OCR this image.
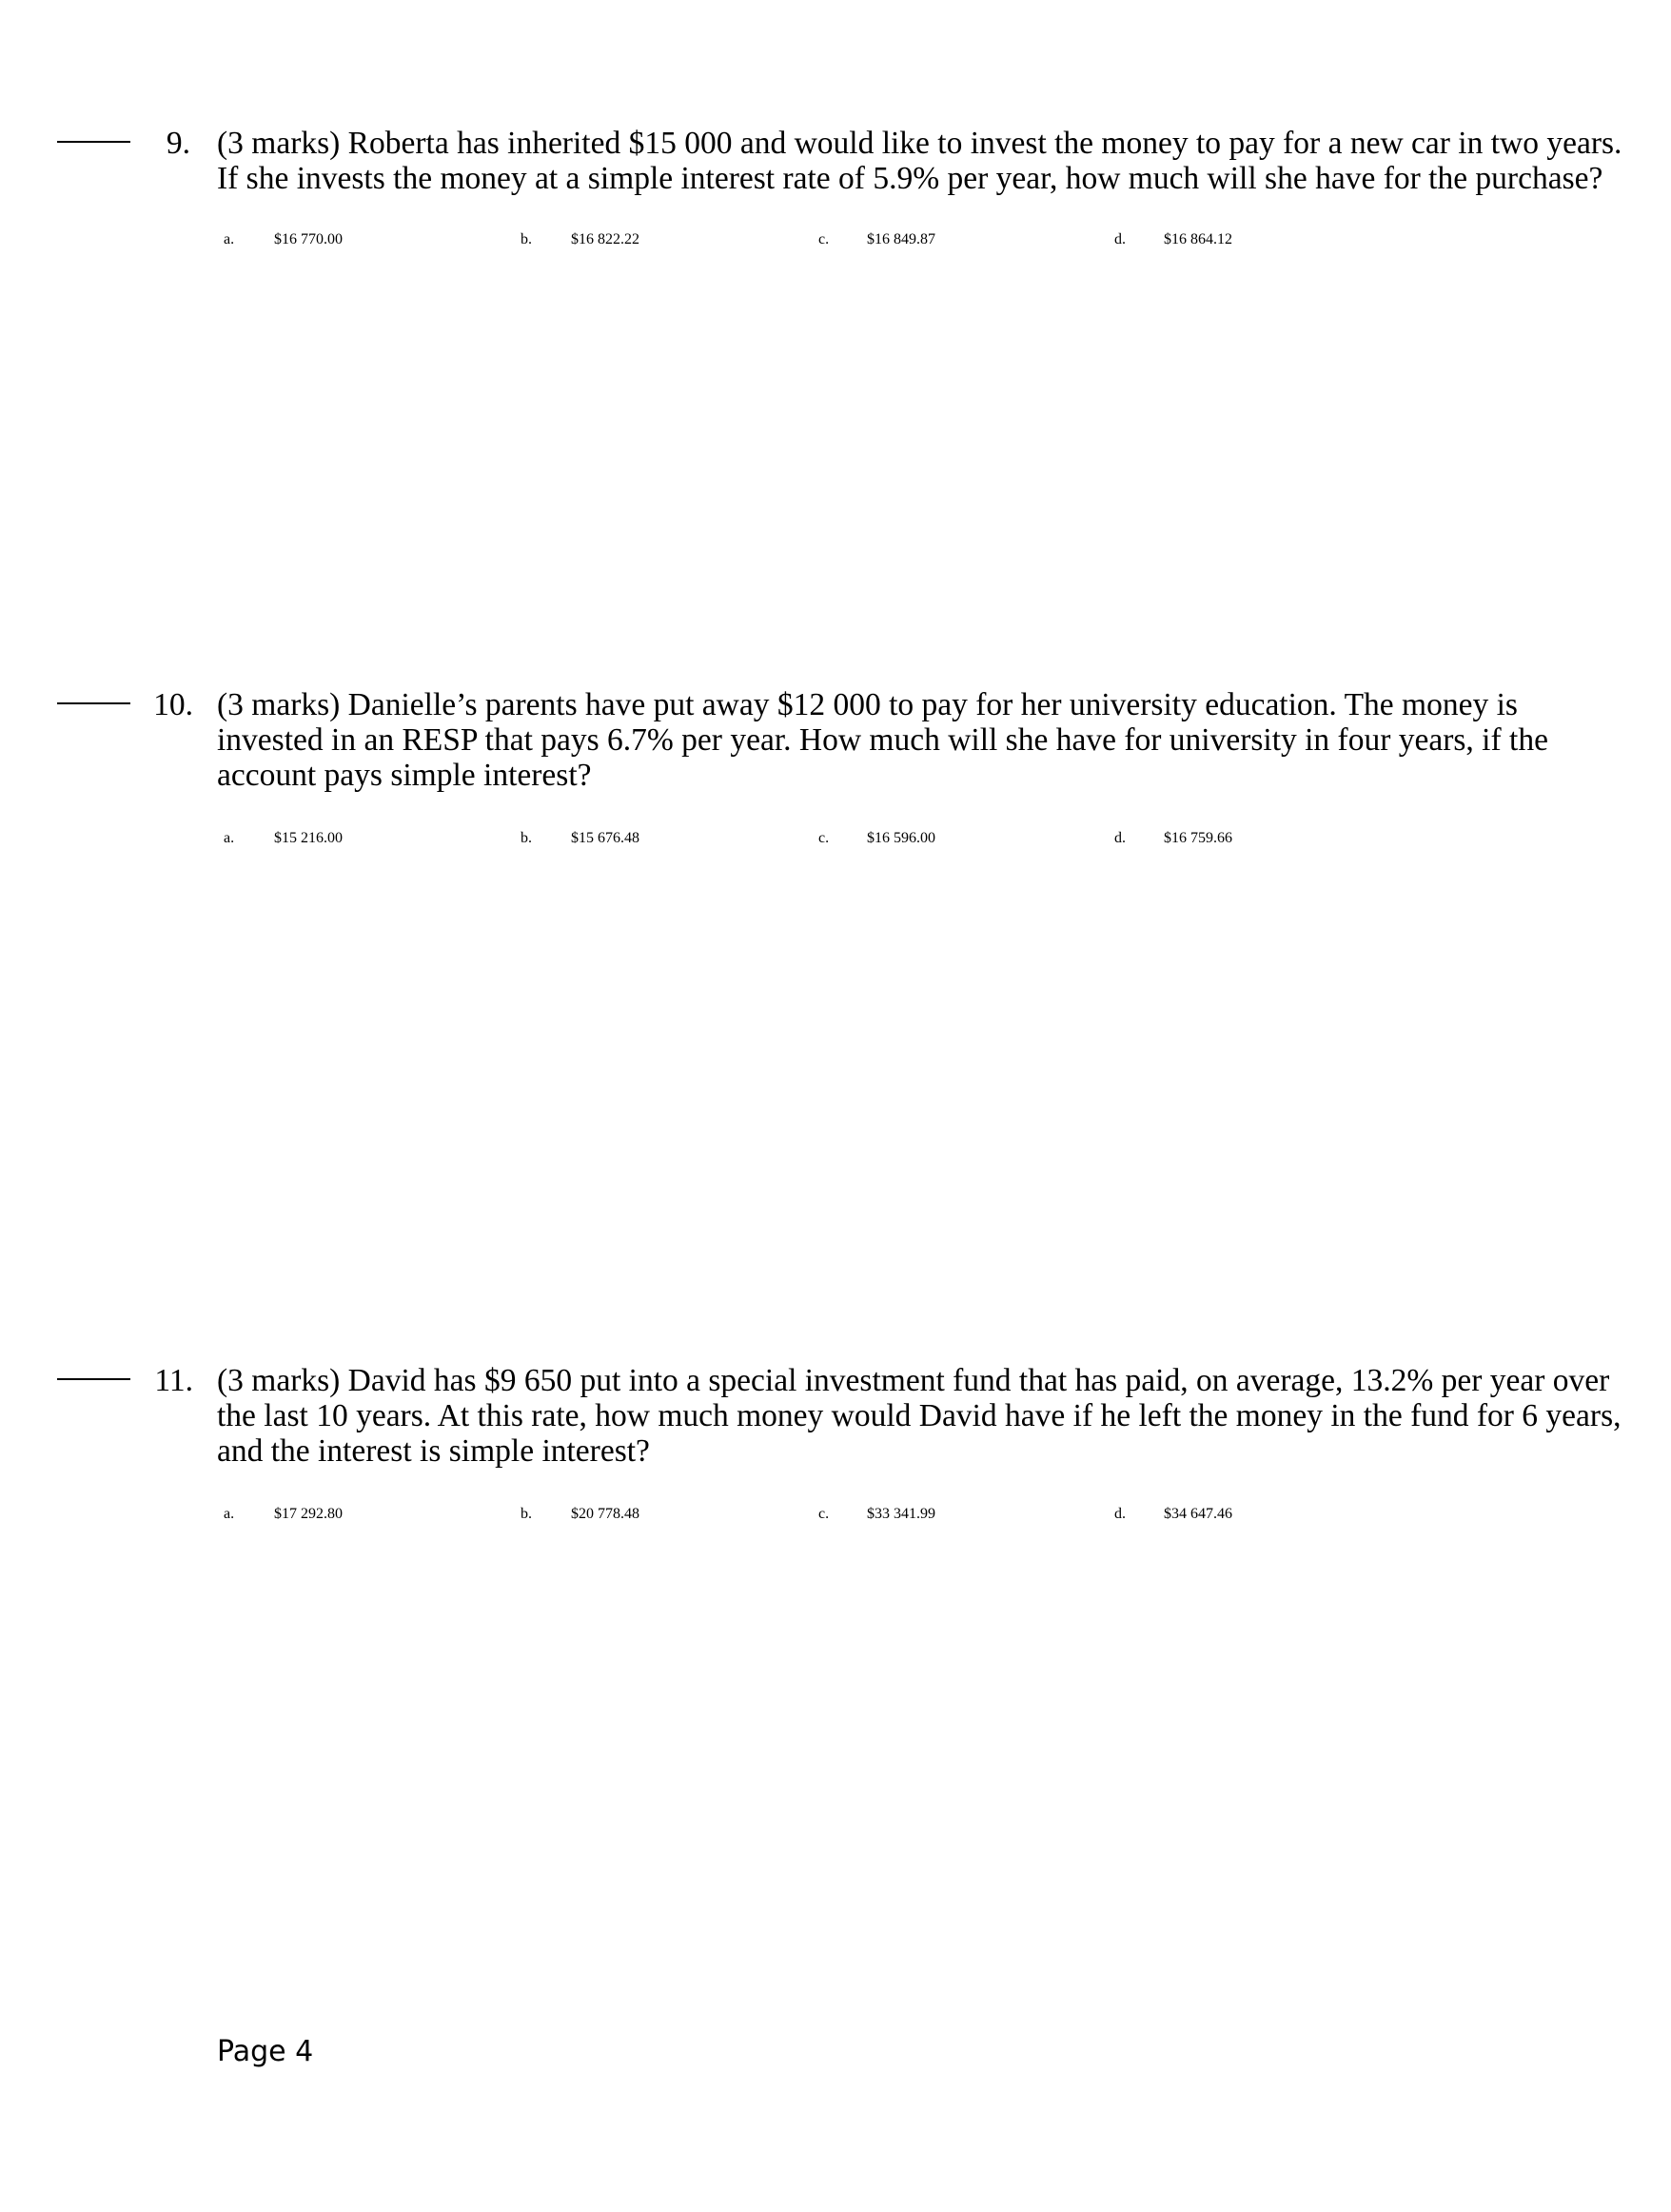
9. (3 marks) Roberta has inherited $15 000 and would like to invest the money to pay for a new car in two years.
If she invests the money at a simple interest rate of 5.9% per year, how much will she have for the purchase?
a.	$16 770.00	b.	$16 822.22	c. $16 849.87	d.	$16 864.12
10. (3 marks) Danielle’s parents have put away $12 000 to pay for her university education. The money is
invested in an RESP that pays 6.7% per year. How much will she have for university in four years, if the
account pays simple interest?
a.	$15 216.00	b.	$15 676.48	c. $16 596.00	d.	$16 759.66
11. (3 marks) David has $9 650 put into a special investment fund that has paid, on average, 13.2% per year over
the last 10 years. At this rate, how much money would David have if he left the money in the fund for 6 years,
and the interest is simple interest?
a.	$17 292.80	b.	$20 778.48	c. $33 341.99	d.	$34 647.46
Page 4
